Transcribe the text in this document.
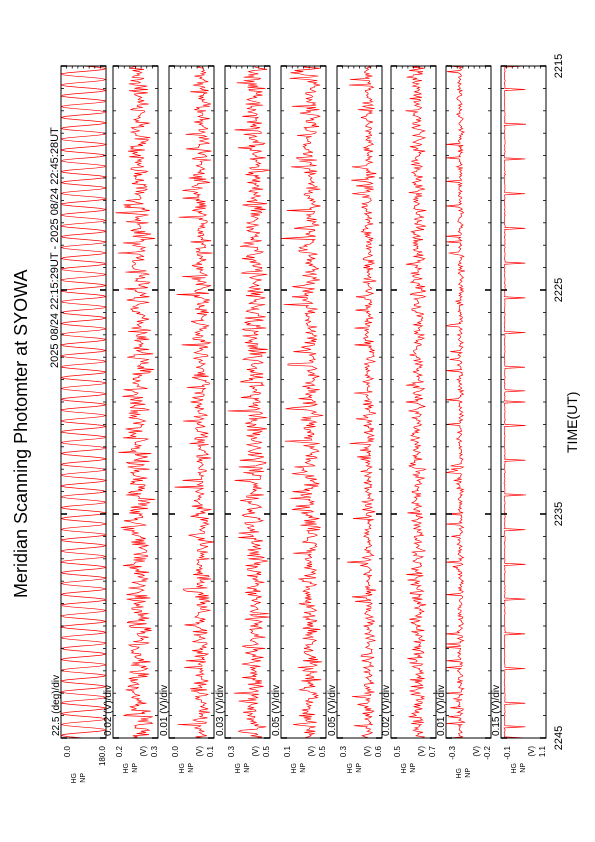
Meridian Scanning Photomter at SYOWA
2025 08/24 22:15:29UT - 2025 08/24 22:45:28UT
TIME(UT)
22.5 (deg)/div
0.0	180.0
HG NP
0.02 (V)/div
0.2	0.3
HG NP
(V)
0.01 (V)/div
0.0	0.1
HG NP
(V)
0.03 (V)/div
0.3	0.5
HG NP
(V)
0.05 (V)/div
0.1	0.5
HG NP
(V)
0.05 (V)/div
0.3	0.6
HG NP
(V)
0.02 (V)/div
0.5	0.7
HG NP
(V)
0.01 (V)/div
-0.3	-0.2
HG NP
(V)
0.15 (V)/div
-0.1	1.1
HG NP
(V)
2215
2225
2235
2245
